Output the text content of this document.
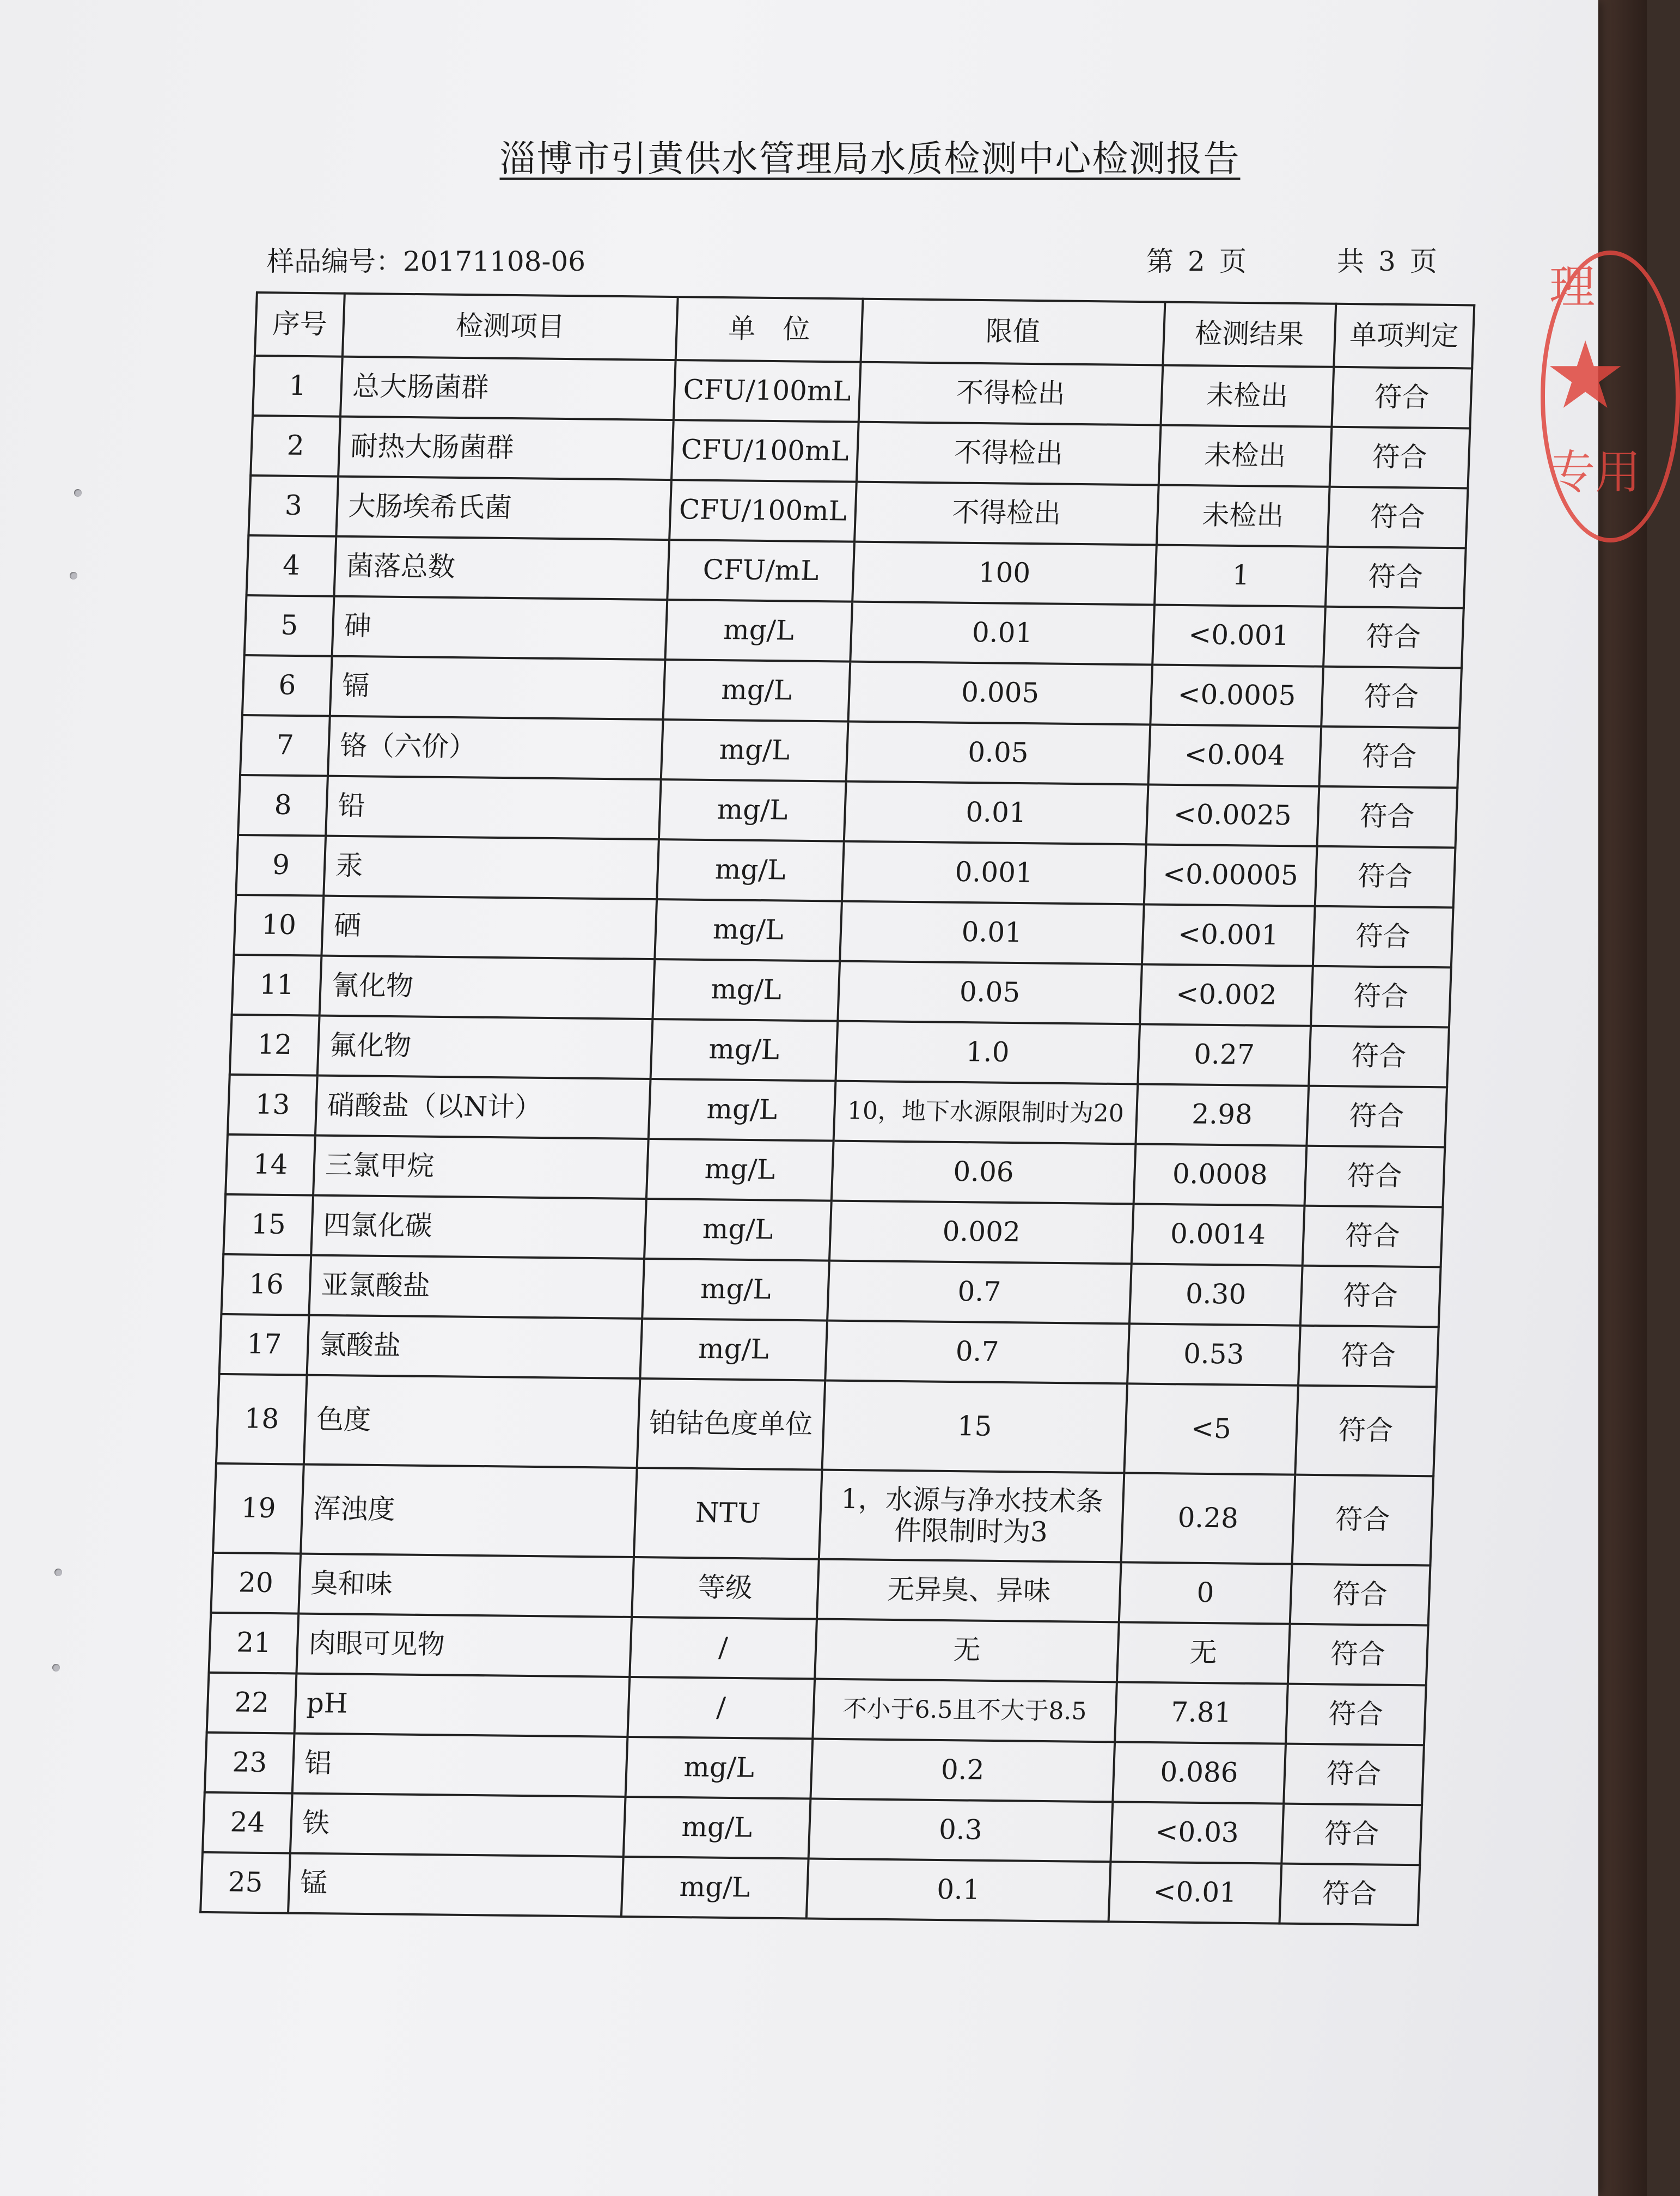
淄博市引黄供水管理局水质检测中心检测报告
样品编号：20171108-06	第 2 页	共 3 页
序号	检测项目	单　位	限值	检测结果	单项判定
1	总大肠菌群	CFU/100mL	不得检出	未检出	符合
2	耐热大肠菌群	CFU/100mL	不得检出	未检出	符合
3	大肠埃希氏菌	CFU/100mL	不得检出	未检出	符合
4	菌落总数	CFU/mL	100	1	符合
5	砷	mg/L	0.01	<0.001	符合
6	镉	mg/L	0.005	<0.0005	符合
7	铬（六价）	mg/L	0.05	<0.004	符合
8	铅	mg/L	0.01	<0.0025	符合
9	汞	mg/L	0.001	<0.00005	符合
10	硒	mg/L	0.01	<0.001	符合
11	氰化物	mg/L	0.05	<0.002	符合
12	氟化物	mg/L	1.0	0.27	符合
13	硝酸盐（以N计）	mg/L	10，地下水源限制时为20	2.98	符合
14	三氯甲烷	mg/L	0.06	0.0008	符合
15	四氯化碳	mg/L	0.002	0.0014	符合
16	亚氯酸盐	mg/L	0.7	0.30	符合
17	氯酸盐	mg/L	0.7	0.53	符合
18	色度	铂钴色度单位	15	<5	符合
19	浑浊度	NTU	1，水源与净水技术条件限制时为3	0.28	符合
20	臭和味	等级	无异臭、异味	0	符合
21	肉眼可见物	/	无	无	符合
22	pH	/	不小于6.5且不大于8.5	7.81	符合
23	铝	mg/L	0.2	0.086	符合
24	铁	mg/L	0.3	<0.03	符合
25	锰	mg/L	0.1	<0.01	符合
理
★
专用
